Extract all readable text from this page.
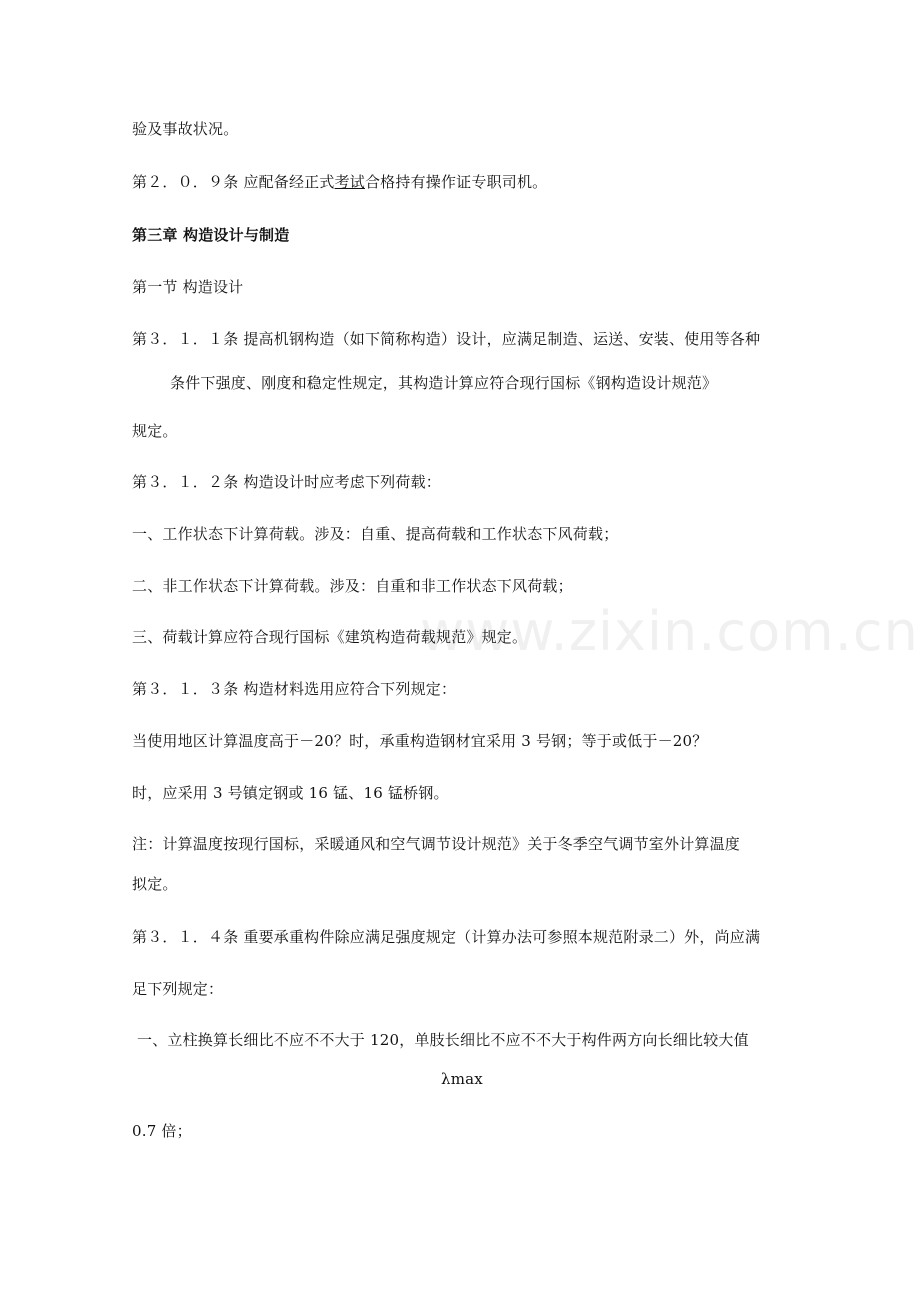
验及事故状况。
第２．０．９条 应配备经正式考试合格持有操作证专职司机。
第三章 构造设计与制造
第一节 构造设计
第３．１．１条 提高机钢构造（如下简称构造）设计，应满足制造、运送、安装、使用等各种
条件下强度、刚度和稳定性规定，其构造计算应符合现行国标《钢构造设计规范》
规定。
第３．１．２条 构造设计时应考虑下列荷载：
一、工作状态下计算荷载。涉及：自重、提高荷载和工作状态下风荷载；
二、非工作状态下计算荷载。涉及：自重和非工作状态下风荷载；
三、荷载计算应符合现行国标《建筑构造荷载规范》规定。
第３．１．３条 构造材料选用应符合下列规定：
当使用地区计算温度高于－20？时，承重构造钢材宜采用 3 号钢；等于或低于－20？
时，应采用 3 号镇定钢或 16 锰、16 锰桥钢。
注：计算温度按现行国标，采暖通风和空气调节设计规范》关于冬季空气调节室外计算温度
拟定。
第３．１．４条 重要承重构件除应满足强度规定（计算办法可参照本规范附录二）外，尚应满
足下列规定：
一、立柱换算长细比不应不不大于 120，单肢长细比不应不不大于构件两方向长细比较大值
λmax
0.7 倍；
www.zixin.com.cn
